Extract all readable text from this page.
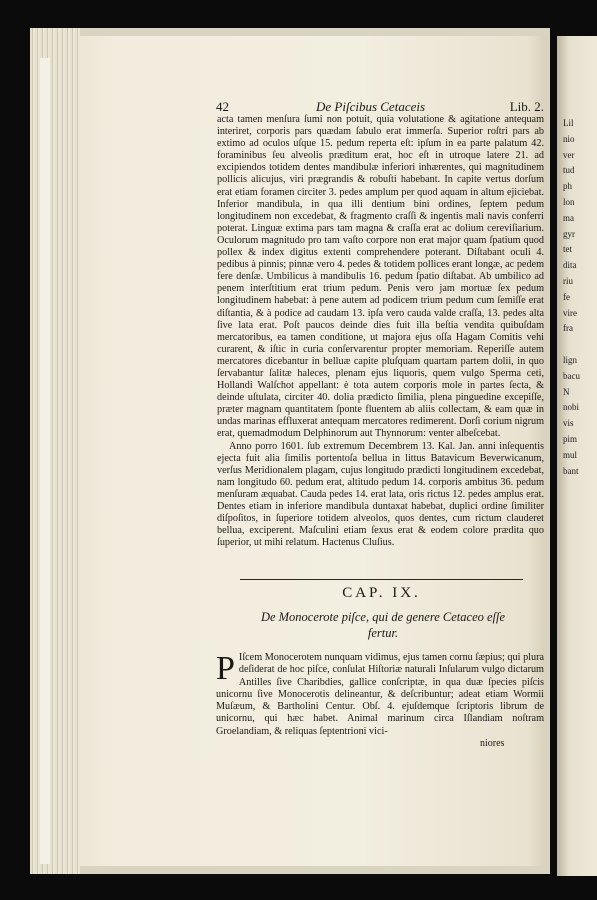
Lil
nio
ver
tud
ph
lon
ma
gyr
tet
dita
riu
fe
vire
fra

lign
bacu
N
nobi
vis
pim
mul
bant
42	De Piſcibus Cetaceis	Lib. 2.

acta tamen menſura ſumi non potuit, quia volutatione & agitatione antequam interiret, corporis pars quædam ſabulo erat immerſa. Superior roſtri pars ab extimo ad oculos uſque 15. pedum reperta eſt: ipſum in ea parte palatum 42. foraminibus ſeu alveolis præditum erat, hoc eſt in utroque latere 21. ad excipiendos totidem dentes mandibulæ inferiori inhærentes, qui magnitudinem pollicis alicujus, viri prægrandis & robuſti habebant. In capite vertus dorſum erat etiam foramen circiter 3. pedes amplum per quod aquam in altum ejiciebat. Inferior mandibula, in qua illi dentium bini ordines, ſeptem pedum longitudinem non excedebat, & fragmento craſſi & ingentis mali navis conferri poterat. Linguæ extima pars tam magna & craſſa erat ac dolium cereviſiarium. Oculorum magnitudo pro tam vaſto corpore non erat major quam ſpatium quod pollex & index digitus extenti comprehendere poterant. Diſtabant oculi 4. pedibus à pinnis; pinnæ vero 4. pedes & totidem pollices erant longæ, ac pedem fere denſæ. Umbilicus à mandibulis 16. pedum ſpatio diſtabat. Ab umbilico ad penem interſtitium erat trium pedum. Penis vero jam mortuæ ſex pedum longitudinem habebat: à pene autem ad podicem trium pedum cum ſemiſſe erat diſtantia, & à podice ad caudam 13. ipſa vero cauda valde craſſa, 13. pedes alta ſive lata erat. Poſt paucos deinde dies fuit illa beſtia vendita quibuſdam mercatoribus, ea tamen conditione, ut majora ejus oſſa Hagam Comitis vehi curarent, & iſtic in curia conſervarentur propter memoriam. Reperiſſe autem mercatores dicebantur in belluæ capite pluſquam quartam partem dolii, in quo ſervabantur ſalitæ haleces, plenam ejus liquoris, quem vulgo Sperma ceti, Hollandi Walſchot appellant: è tota autem corporis mole in partes ſecta, & deinde uſtulata, circiter 40. dolia prædicto ſimilia, plena pinguedine excepiſſe, præter magnam quantitatem ſponte fluentem ab aliis collectam, & eam quæ in undas marinas effluxerat antequam mercatores redimerent. Dorſi corium nigrum erat, quemadmodum Delphinorum aut Thynnorum: venter albeſcebat.

Anno porro 1601. ſub extremum Decembrem 13. Kal. Jan. anni inſequentis ejecta fuit alia ſimilis portentoſa bellua in littus Batavicum Beverwicanum, verſus Meridionalem plagam, cujus longitudo prædicti longitudinem excedebat, nam longitudo 60. pedum erat, altitudo pedum 14. corporis ambitus 36. pedum menſuram æquabat. Cauda pedes 14. erat lata, oris rictus 12. pedes amplus erat. Dentes etiam in inferiore mandibula duntaxat habebat, duplici ordine ſimiliter diſpoſitos, in ſuperiore totidem alveolos, quos dentes, cum rictum clauderet bellua, exciperent. Maſculini etiam ſexus erat & eodem colore prædita quo ſuperior, ut mihi relatum. Hactenus Cluſius.

CAP. IX.
De Monocerote piſce, qui de genere Cetaceo eſſe fertur.
P Iſcem Monocerotem nunquam vidimus, ejus tamen cornu ſæpius; qui plura deſiderat de hoc piſce, conſulat Hiſtoriæ naturali Inſularum vulgo dictarum Antilles ſive Charibdies, gallice conſcriptæ, in qua duæ ſpecies piſcis unicornu ſive Monocerotis delineantur, & deſcribuntur; adeat etiam Wormii Muſæum, & Bartholini Centur. Obſ. 4. ejuſdemque ſcriptoris librum de unicornu, qui hæc habet. Animal marinum circa Iſlandiam noſtram Groelandiam, & reliquas ſeptentrioni vici-
niores
